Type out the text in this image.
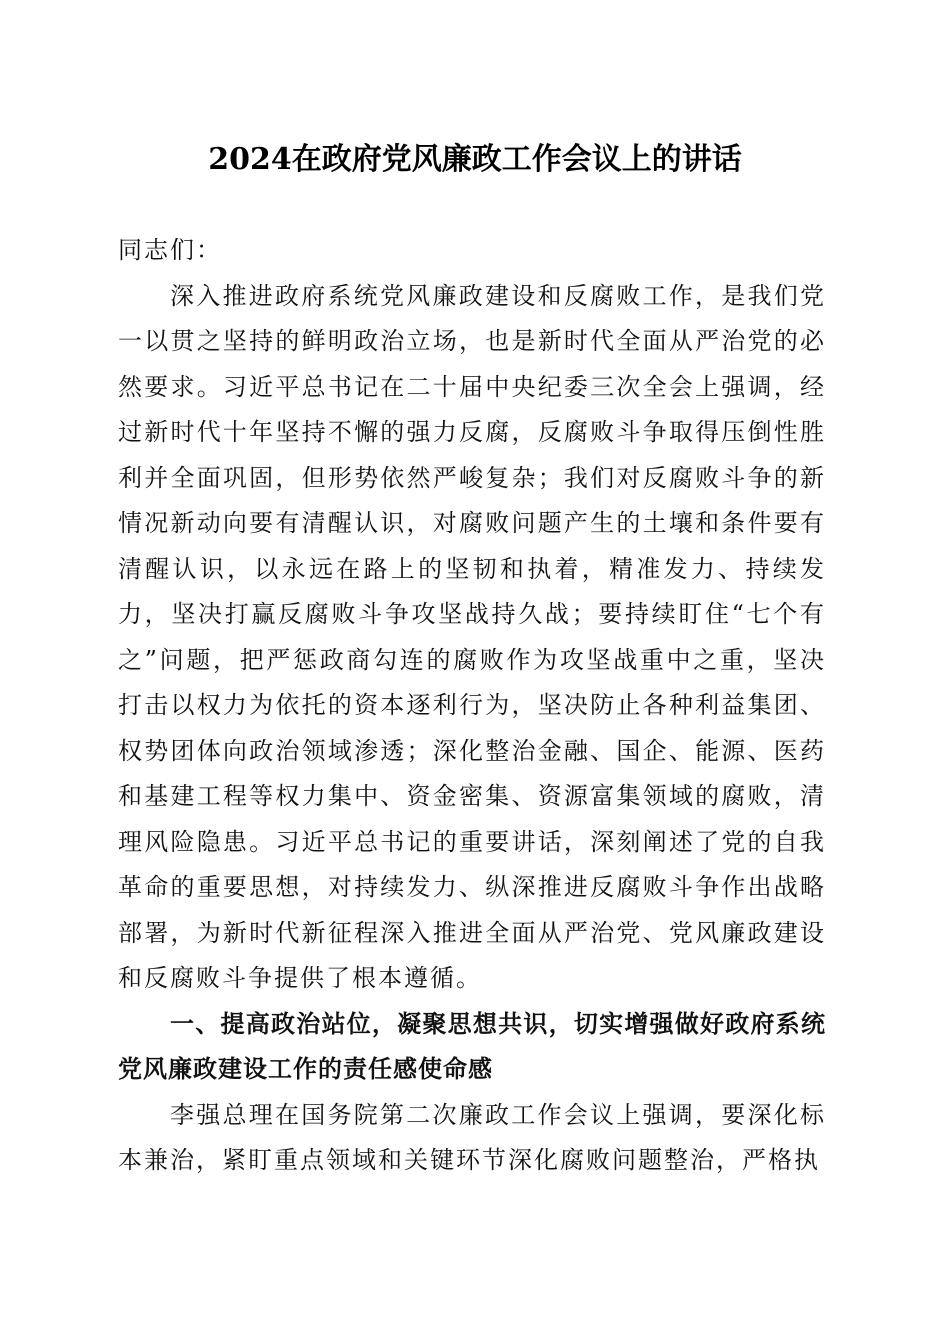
2024在政府党风廉政工作会议上的讲话

同志们：

深入推进政府系统党风廉政建设和反腐败工作，是我们党一以贯之坚持的鲜明政治立场，也是新时代全面从严治党的必然要求。习近平总书记在二十届中央纪委三次全会上强调，经过新时代十年坚持不懈的强力反腐，反腐败斗争取得压倒性胜利并全面巩固，但形势依然严峻复杂；我们对反腐败斗争的新情况新动向要有清醒认识，对腐败问题产生的土壤和条件要有清醒认识，以永远在路上的坚韧和执着，精准发力、持续发力，坚决打赢反腐败斗争攻坚战持久战；要持续盯住“七个有之”问题，把严惩政商勾连的腐败作为攻坚战重中之重，坚决打击以权力为依托的资本逐利行为，坚决防止各种利益集团、权势团体向政治领域渗透；深化整治金融、国企、能源、医药和基建工程等权力集中、资金密集、资源富集领域的腐败，清理风险隐患。习近平总书记的重要讲话，深刻阐述了党的自我革命的重要思想，对持续发力、纵深推进反腐败斗争作出战略部署，为新时代新征程深入推进全面从严治党、党风廉政建设和反腐败斗争提供了根本遵循。

一、提高政治站位，凝聚思想共识，切实增强做好政府系统党风廉政建设工作的责任感使命感

李强总理在国务院第二次廉政工作会议上强调，要深化标本兼治，紧盯重点领域和关键环节深化腐败问题整治，严格执
